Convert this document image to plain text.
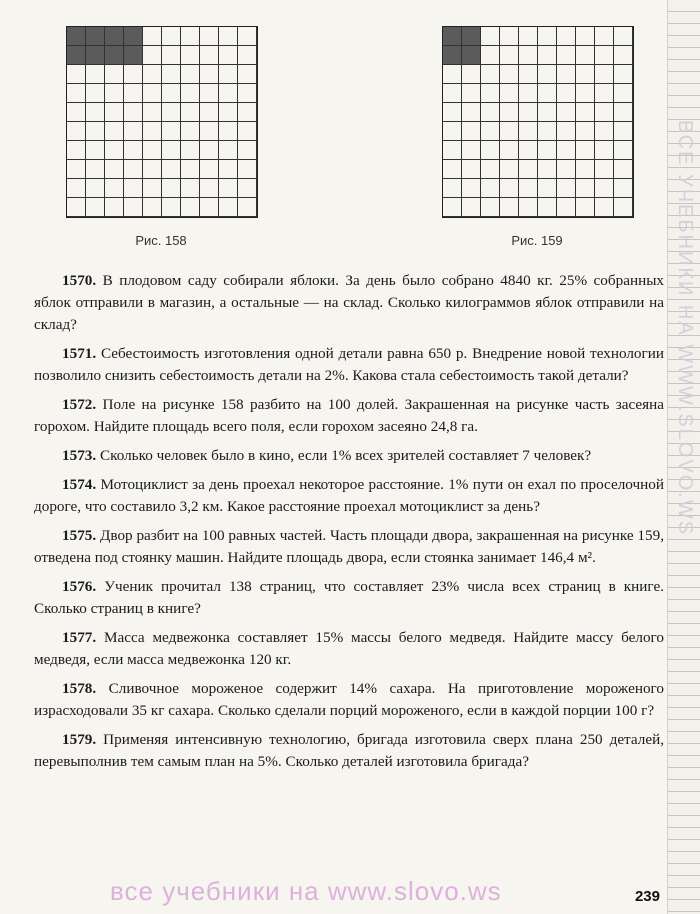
Рис. 158	Рис. 159

1570. В плодовом саду собирали яблоки. За день было собрано 4840 кг. 25% собранных яблок отправили в магазин, а остальные — на склад. Сколько килограммов яблок отправили на склад?

1571. Себестоимость изготовления одной детали равна 650 р. Внедрение новой технологии позволило снизить себестоимость детали на 2%. Какова стала себестоимость такой детали?

1572. Поле на рисунке 158 разбито на 100 долей. Закрашенная на рисунке часть засеяна горохом. Найдите площадь всего поля, если горохом засеяно 24,8 га.

1573. Сколько человек было в кино, если 1% всех зрителей составляет 7 человек?

1574. Мотоциклист за день проехал некоторое расстояние. 1% пути он ехал по проселочной дороге, что составило 3,2 км. Какое расстояние проехал мотоциклист за день?

1575. Двор разбит на 100 равных частей. Часть площади двора, закрашенная на рисунке 159, отведена под стоянку машин. Найдите площадь двора, если стоянка занимает 146,4 м².

1576. Ученик прочитал 138 страниц, что составляет 23% числа всех страниц в книге. Сколько страниц в книге?

1577. Масса медвежонка составляет 15% массы белого медведя. Найдите массу белого медведя, если масса медвежонка 120 кг.

1578. Сливочное мороженое содержит 14% сахара. На приготовление мороженого израсходовали 35 кг сахара. Сколько сделали порций мороженого, если в каждой порции 100 г?

1579. Применяя интенсивную технологию, бригада изготовила сверх плана 250 деталей, перевыполнив тем самым план на 5%. Сколько деталей изготовила бригада?

ВСЕ УЧЕБНИКИ НА WWW.SLOVO.WS
все учебники на www.slovo.ws	239
